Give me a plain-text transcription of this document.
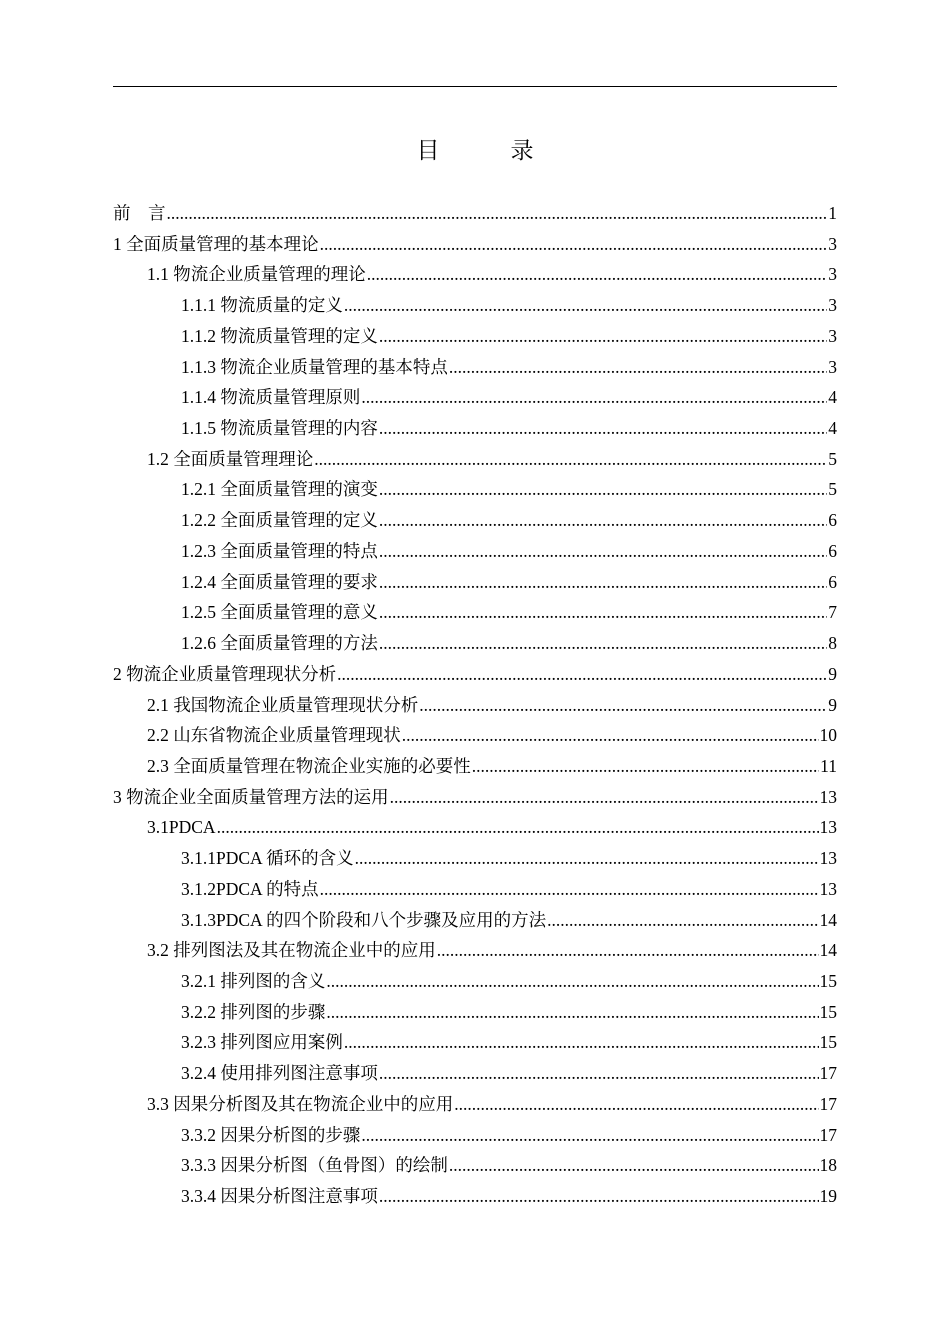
目　录
前　言 .....	1
1 全面质量管理的基本理论 .....	3
1.1 物流企业质量管理的理论 .....	3
1.1.1 物流质量的定义 .....	3
1.1.2 物流质量管理的定义 .....	3
1.1.3 物流企业质量管理的基本特点 .....	3
1.1.4 物流质量管理原则 .....	4
1.1.5 物流质量管理的内容 .....	4
1.2 全面质量管理理论 .....	5
1.2.1 全面质量管理的演变 .....	5
1.2.2 全面质量管理的定义 .....	6
1.2.3 全面质量管理的特点 .....	6
1.2.4 全面质量管理的要求 .....	6
1.2.5 全面质量管理的意义 .....	7
1.2.6 全面质量管理的方法 .....	8
2 物流企业质量管理现状分析 .....	9
2.1 我国物流企业质量管理现状分析 .....	9
2.2 山东省物流企业质量管理现状 .....	10
2.3 全面质量管理在物流企业实施的必要性 .....	11
3 物流企业全面质量管理方法的运用 .....	13
3.1PDCA .....	13
3.1.1PDCA 循环的含义 .....	13
3.1.2PDCA 的特点 .....	13
3.1.3PDCA 的四个阶段和八个步骤及应用的方法 .....	14
3.2 排列图法及其在物流企业中的应用 .....	14
3.2.1 排列图的含义 .....	15
3.2.2 排列图的步骤 .....	15
3.2.3 排列图应用案例 .....	15
3.2.4 使用排列图注意事项 .....	17
3.3 因果分析图及其在物流企业中的应用 .....	17
3.3.2 因果分析图的步骤 .....	17
3.3.3 因果分析图（鱼骨图）的绘制 .....	18
3.3.4 因果分析图注意事项 .....	19
